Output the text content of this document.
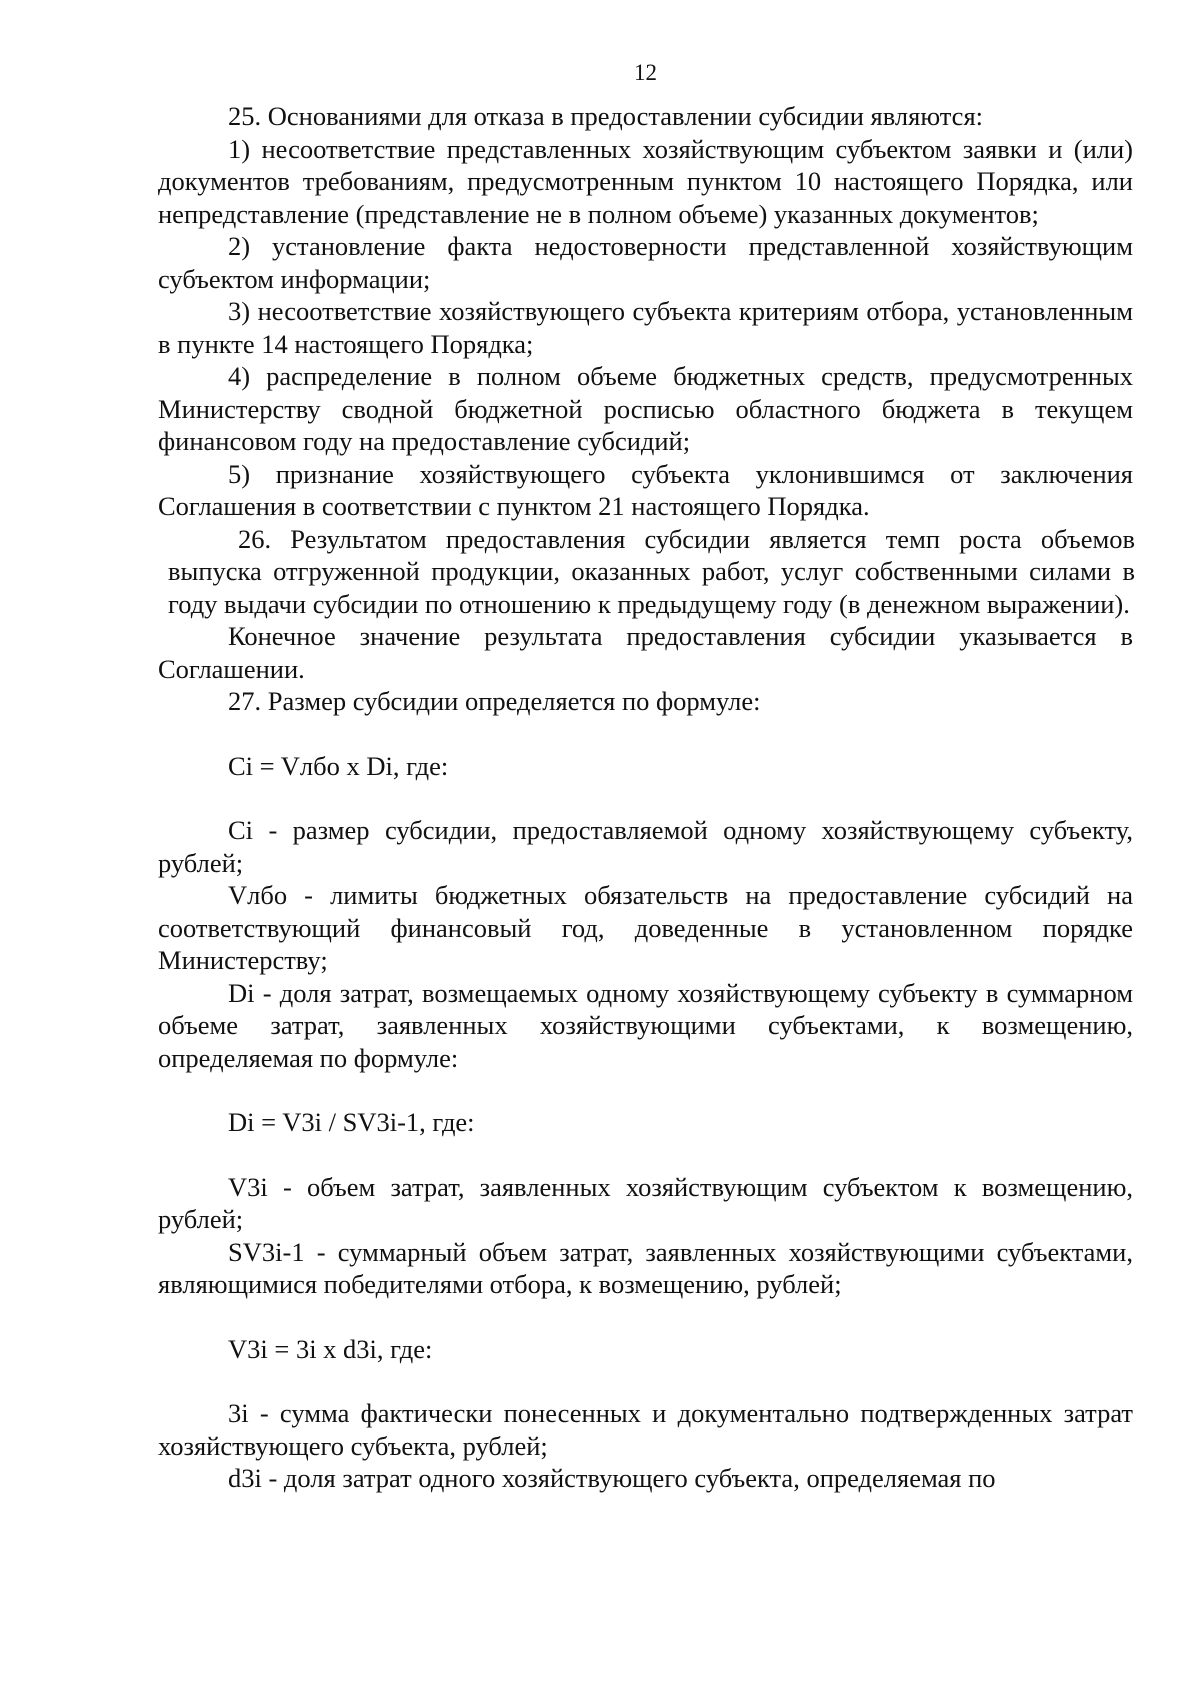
12

25. Основаниями для отказа в предоставлении субсидии являются:

1) несоответствие представленных хозяйствующим субъектом заявки и (или) документов требованиям, предусмотренным пунктом 10 настоящего Порядка, или непредставление (представление не в полном объеме) указанных документов;

2) установление факта недостоверности представленной хозяйствующим субъектом информации;

3) несоответствие хозяйствующего субъекта критериям отбора, установленным в пункте 14 настоящего Порядка;

4) распределение в полном объеме бюджетных средств, предусмотренных Министерству сводной бюджетной росписью областного бюджета в текущем финансовом году на предоставление субсидий;

5) признание хозяйствующего субъекта уклонившимся от заключения Соглашения в соответствии с пунктом 21 настоящего Порядка.

26. Результатом предоставления субсидии является темп роста объемов выпуска отгруженной продукции, оказанных работ, услуг собственными силами в году выдачи субсидии по отношению к предыдущему году (в денежном выражении).

Конечное значение результата предоставления субсидии указывается в Соглашении.

27. Размер субсидии определяется по формуле:

Ci = Vлбо x Di, где:

Ci - размер субсидии, предоставляемой одному хозяйствующему субъекту, рублей;

Vлбо - лимиты бюджетных обязательств на предоставление субсидий на соответствующий финансовый год, доведенные в установленном порядке Министерству;

Di - доля затрат, возмещаемых одному хозяйствующему субъекту в суммарном объеме затрат, заявленных хозяйствующими субъектами, к возмещению, определяемая по формуле:

Di = V3i / SV3i-1, где:

V3i - объем затрат, заявленных хозяйствующим субъектом к возмещению, рублей;

SV3i-1 - суммарный объем затрат, заявленных хозяйствующими субъектами, являющимися победителями отбора, к возмещению, рублей;

V3i = 3i x d3i, где:

3i - сумма фактически понесенных и документально подтвержденных затрат хозяйствующего субъекта, рублей;

d3i - доля затрат одного хозяйствующего субъекта, определяемая по
